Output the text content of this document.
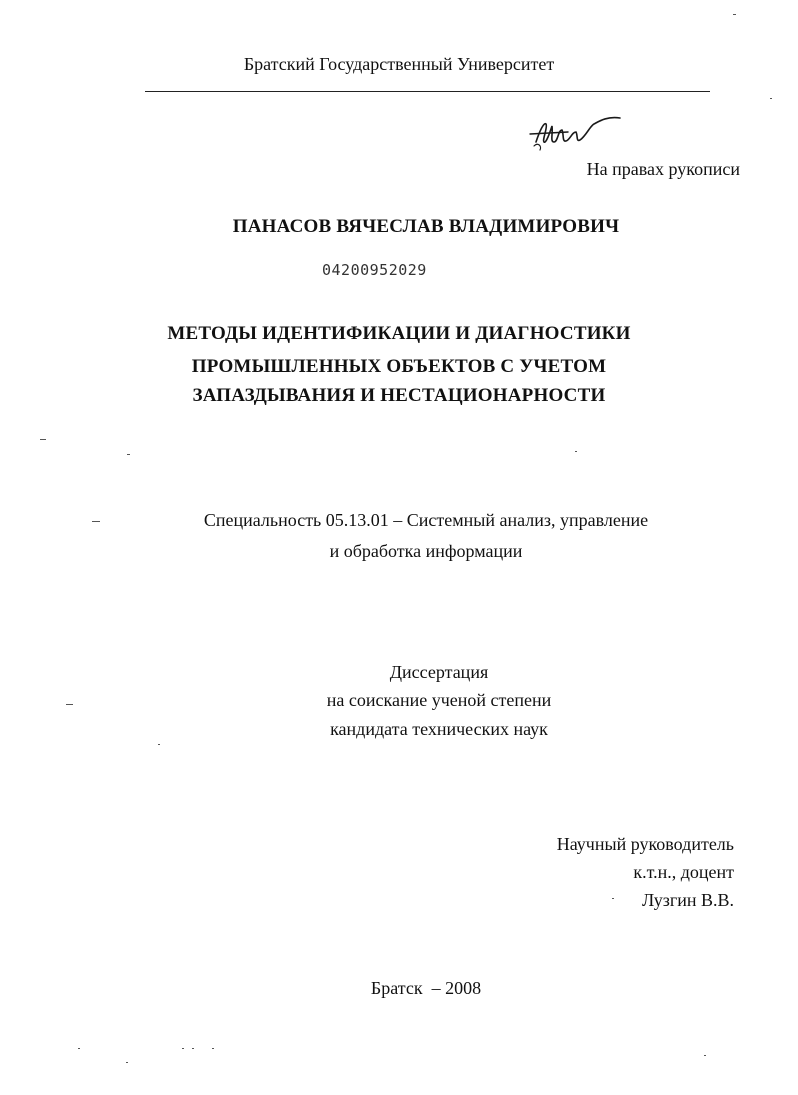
Братский Государственный Университет

На правах рукописи

ПАНАСОВ ВЯЧЕСЛАВ ВЛАДИМИРОВИЧ

04200952029

МЕТОДЫ ИДЕНТИФИКАЦИИ И ДИАГНОСТИКИ

ПРОМЫШЛЕННЫХ ОБЪЕКТОВ С УЧЕТОМ

ЗАПАЗДЫВАНИЯ И НЕСТАЦИОНАРНОСТИ

Специальность 05.13.01 – Системный анализ, управление

и обработка информации

Диссертация

на соискание ученой степени

кандидата технических наук

Научный руководитель

к.т.н., доцент

Лузгин В.В.

Братск  – 2008
